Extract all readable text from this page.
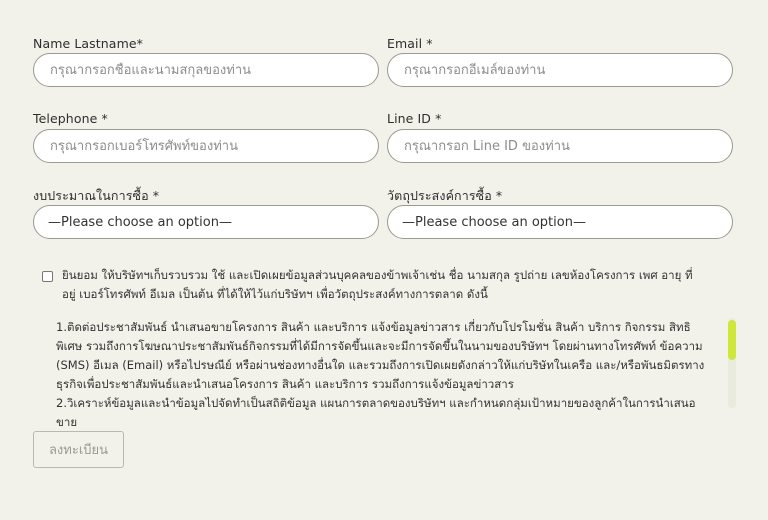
Name Lastname*
กรุณากรอกชื่อและนามสกุลของท่าน	Email *
กรุณากรอกอีเมล์ของท่าน
Telephone *
กรุณากรอกเบอร์โทรศัพท์ของท่าน	Line ID *
กรุณากรอก Line ID ของท่าน
งบประมาณในการซื้อ *
—Please choose an option—
วัตถุประสงค์การซื้อ *
—Please choose an option—
ยินยอม ให้บริษัทฯเก็บรวบรวม ใช้ และเปิดเผยข้อมูลส่วนบุคคลของข้าพเจ้าเช่น ชื่อ นามสกุล รูปถ่าย เลขห้องโครงการ เพศ อายุ ที่อยู่ เบอร์โทรศัพท์ อีเมล เป็นต้น ที่ได้ให้ไว้แก่บริษัทฯ เพื่อวัตถุประสงค์ทางการตลาด ดังนี้

1.ติดต่อประชาสัมพันธ์ นำเสนอขายโครงการ สินค้า และบริการ แจ้งข้อมูลข่าวสาร เกี่ยวกับโปรโมชั่น สินค้า บริการ กิจกรรม สิทธิพิเศษ รวมถึงการโฆษณาประชาสัมพันธ์กิจกรรมที่ได้มีการจัดขึ้นและจะมีการจัดขึ้นในนามของบริษัทฯ โดยผ่านทางโทรศัพท์ ข้อความ (SMS) อีเมล (Email) หรือไปรษณีย์ หรือผ่านช่องทางอื่นใด และรวมถึงการเปิดเผยดังกล่าวให้แก่บริษัทในเครือ และ/หรือพันธมิตรทางธุรกิจเพื่อประชาสัมพันธ์และนำเสนอโครงการ สินค้า และบริการ รวมถึงการแจ้งข้อมูลข่าวสาร

2.วิเคราะห์ข้อมูลและนำข้อมูลไปจัดทำเป็นสถิติข้อมูล แผนการตลาดของบริษัทฯ และกำหนดกลุ่มเป้าหมายของลูกค้าในการนำเสนอขาย

ลงทะเบียน
